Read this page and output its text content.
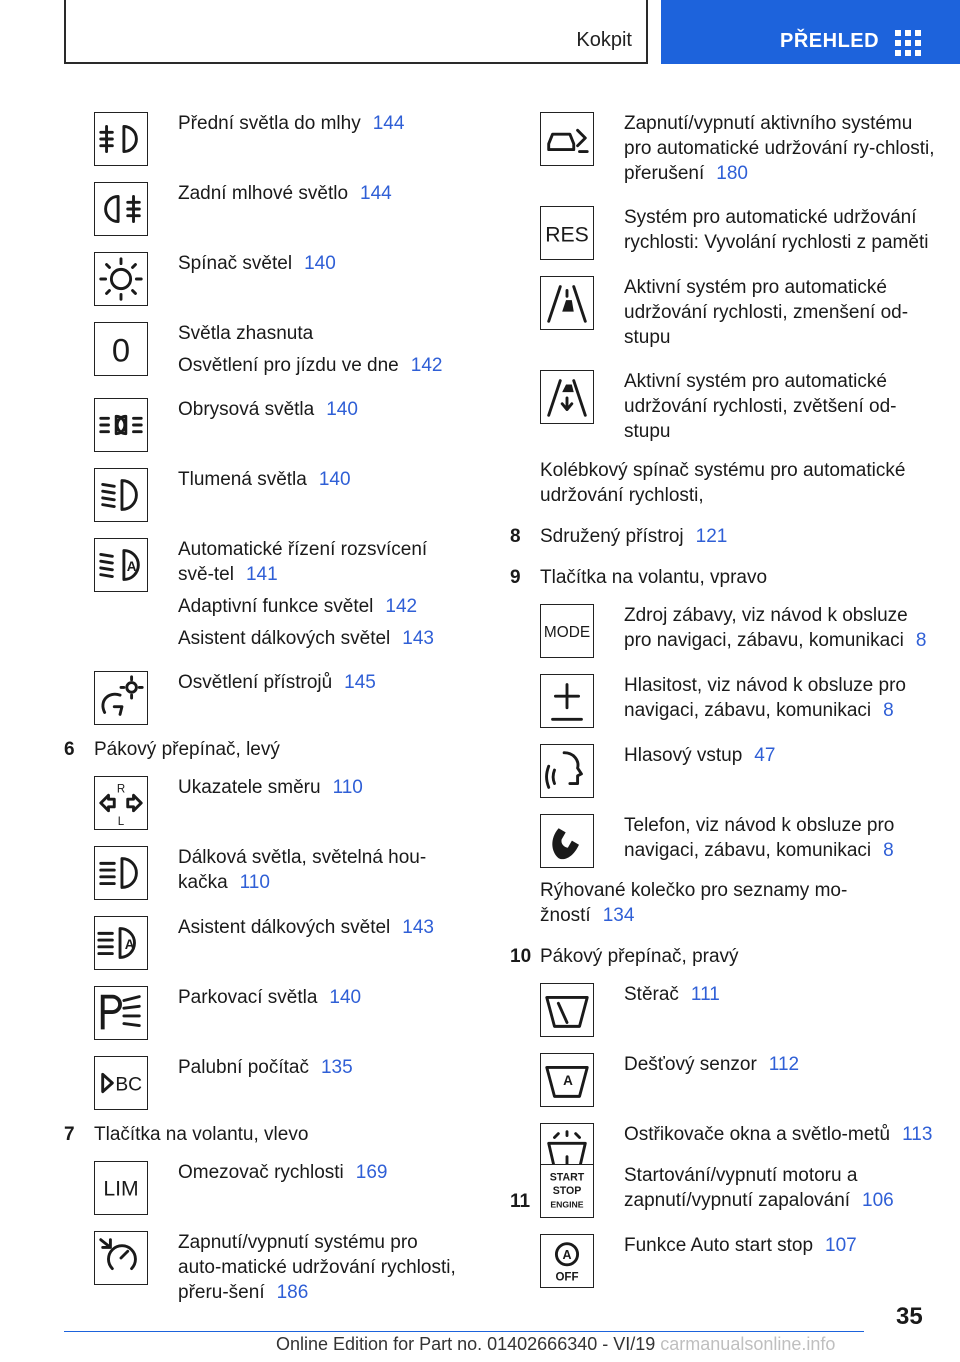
Kokpit	PŘEHLED

Přední světla do mlhy 144

Zadní mlhové světlo 144

Spínač světel 140

0	Světla zhasnuta

Osvětlení pro jízdu ve dne 142

Obrysová světla 140

Tlumená světla 140

A

Automatické řízení rozsvícení svě-tel 141

Adaptivní funkce světel 142

Asistent dálkových světel 143

Osvětlení přístrojů 145

6	Pákový přepínač, levý
R
L

Ukazatele směru 110

Dálková světla, světelná hou-kačka 110

A

Asistent dálkových světel 143

Parkovací světla 140

BC

Palubní počítač 135

7	Tlačítka na volantu, vlevo
LIM

Omezovač rychlosti 169

Zapnutí/vypnutí systému pro auto-matické udržování rychlosti, přeru-šení 186

Zapnutí/vypnutí aktivního systému pro automatické udržování ry-chlosti, přerušení 180

RES

Systém pro automatické udržování rychlosti: Vyvolání rychlosti z paměti

Aktivní systém pro automatické udržování rychlosti, zmenšení od-stupu

Aktivní systém pro automatické udržování rychlosti, zvětšení od-stupu

Kolébkový spínač systému pro automatické udržování rychlosti,
8	Sdružený přístroj 121
9	Tlačítka na volantu, vpravo
MODE

Zdroj zábavy, viz návod k obsluze pro navigaci, zábavu, komunikaci 8

Hlasitost, viz návod k obsluze pro navigaci, zábavu, komunikaci 8

Hlasový vstup 47

Telefon, viz návod k obsluze pro navigaci, zábavu, komunikaci 8

Rýhované kolečko pro seznamy mo-žností 134
10 Pákový přepínač, pravý

Stěrač 111

A

Dešťový senzor 112

Ostřikovače okna a světlo-metů 113

11
START
STOP
ENGINE

Startování/vypnutí motoru a zapnutí/vypnutí zapalování 106

A
OFF

Funkce Auto start stop 107

35
Online Edition for Part no. 01402666340 - VI/19 carmanualsonline.info
